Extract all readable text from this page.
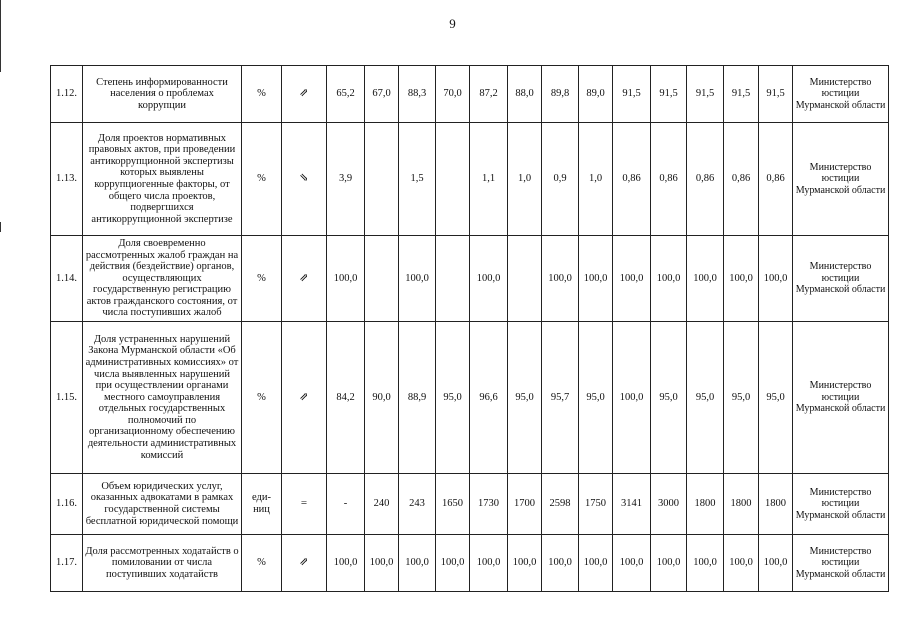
9
1.12.	Степень информированности населения о проблемах коррупции	%	⇗	65,2	67,0	88,3	70,0	87,2	88,0	89,8	89,0	91,5	91,5	91,5	91,5	91,5	Министерство юстиции Мурманской области
1.13.	Доля проектов нормативных правовых актов, при проведении антикоррупционной экспертизы которых выявлены коррупциогенные факторы, от общего числа проектов, подвергшихся антикоррупционной экспертизе	%	⇘	3,9		1,5		1,1	1,0	0,9	1,0	0,86	0,86	0,86	0,86	0,86	Министерство юстиции Мурманской области
1.14.	Доля своевременно рассмотренных жалоб граждан на действия (бездействие) органов, осуществляющих государственную регистрацию актов гражданского состояния, от числа поступивших жалоб	%	⇗	100,0		100,0		100,0		100,0	100,0	100,0	100,0	100,0	100,0	100,0	Министерство юстиции Мурманской области
1.15.	Доля устраненных нарушений Закона Мурманской области «Об административных комиссиях» от числа выявленных нарушений при осуществлении органами местного самоуправления отдельных государственных полномочий по организационному обеспечению деятельности административных комиссий	%	⇗	84,2	90,0	88,9	95,0	96,6	95,0	95,7	95,0	100,0	95,0	95,0	95,0	95,0	Министерство юстиции Мурманской области
1.16.	Объем юридических услуг, оказанных адвокатами в рамках государственной системы бесплатной юридической помощи	еди-
ниц	=	-	240	243	1650	1730	1700	2598	1750	3141	3000	1800	1800	1800	Министерство юстиции Мурманской области
1.17.	Доля рассмотренных ходатайств о помиловании от числа поступивших ходатайств	%	⇗	100,0	100,0	100,0	100,0	100,0	100,0	100,0	100,0	100,0	100,0	100,0	100,0	100,0	Министерство юстиции Мурманской области
